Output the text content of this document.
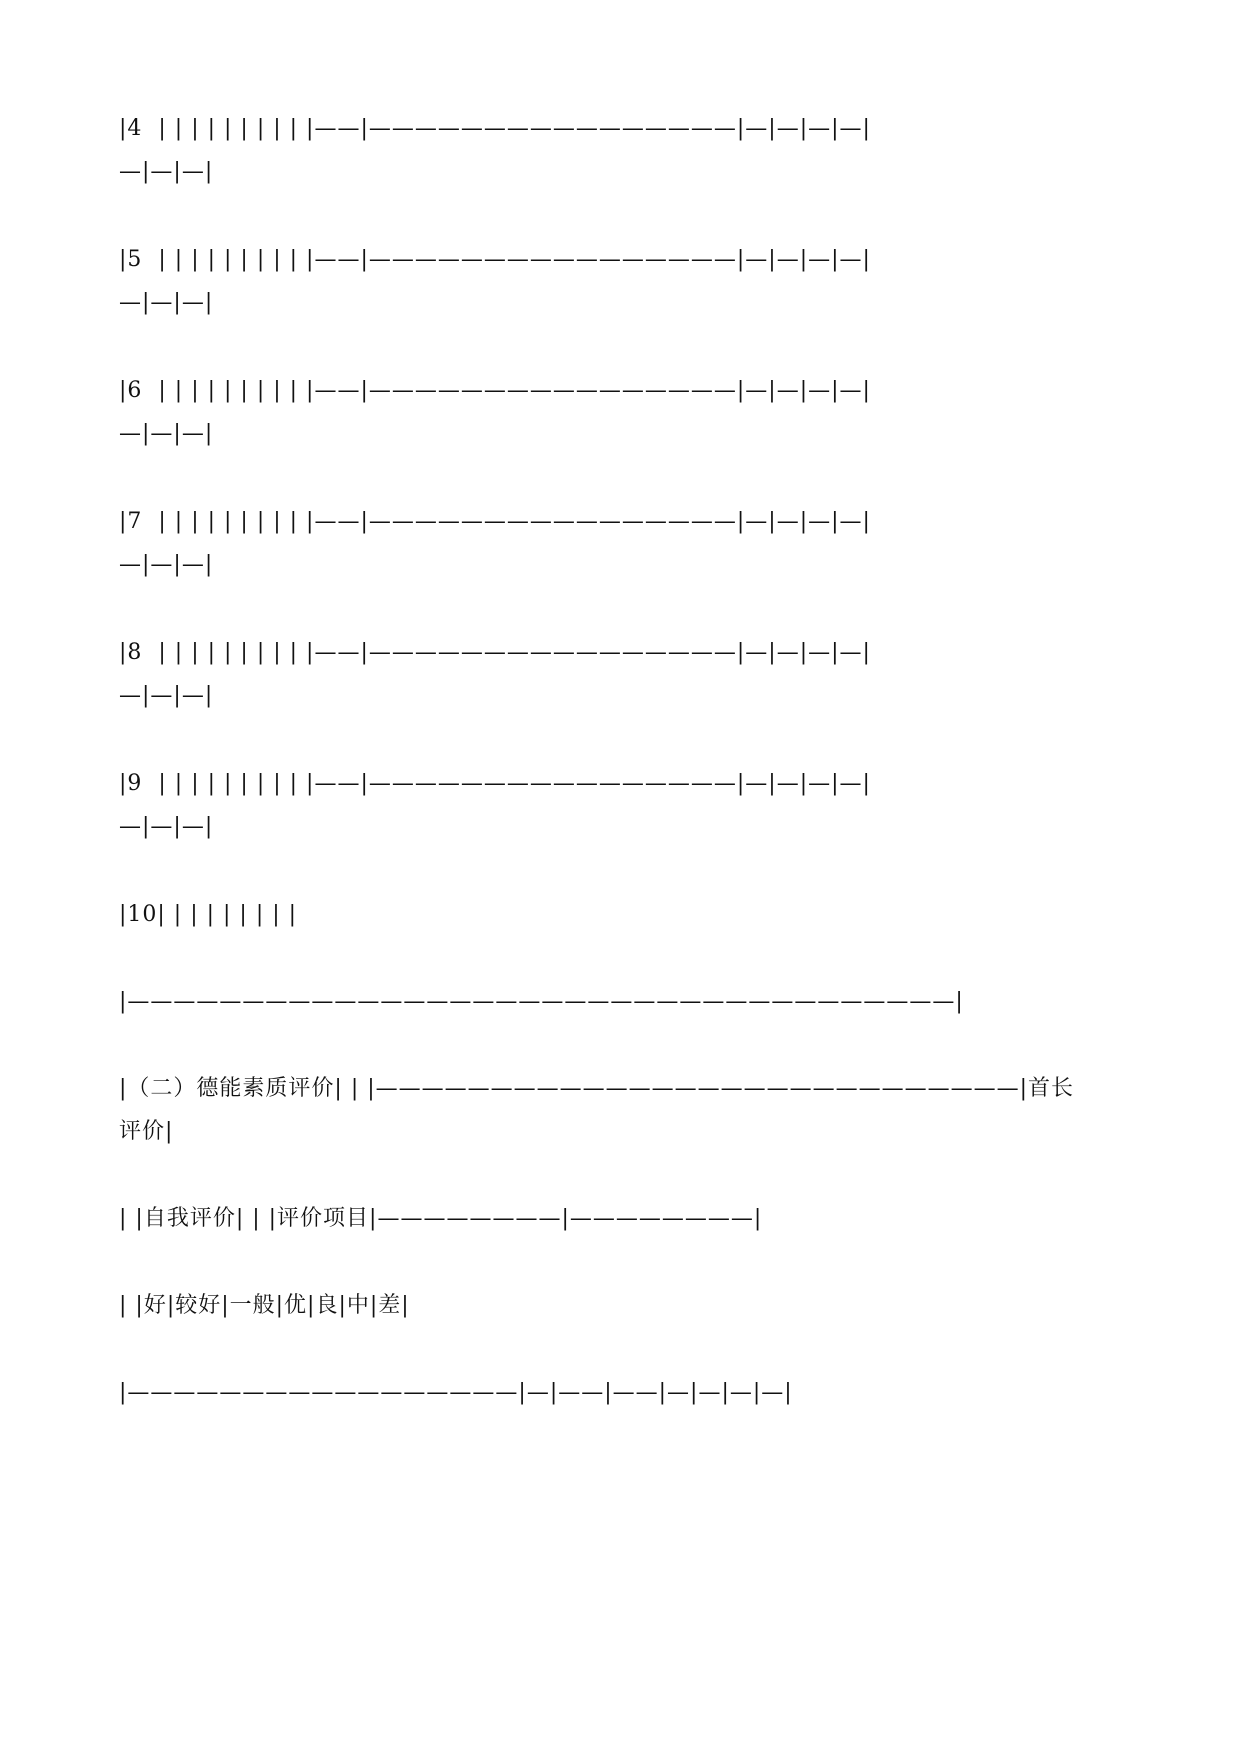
|4  | | | | | | | | | |——|————————————————|—|—|—|—|
—|—|—|
|5  | | | | | | | | | |——|————————————————|—|—|—|—|
—|—|—|
|6  | | | | | | | | | |——|————————————————|—|—|—|—|
—|—|—|
|7  | | | | | | | | | |——|————————————————|—|—|—|—|
—|—|—|
|8  | | | | | | | | | |——|————————————————|—|—|—|—|
—|—|—|
|9  | | | | | | | | | |——|————————————————|—|—|—|—|
—|—|—|
|10| | | | | | | | |
|————————————————————————————————————|
|（二）德能素质评价| | |————————————————————————————|首长
评价|
| |自我评价| | |评价项目|————————|————————|
| |好|较好|一般|优|良|中|差|
|—————————————————|—|——|——|—|—|—|—|
